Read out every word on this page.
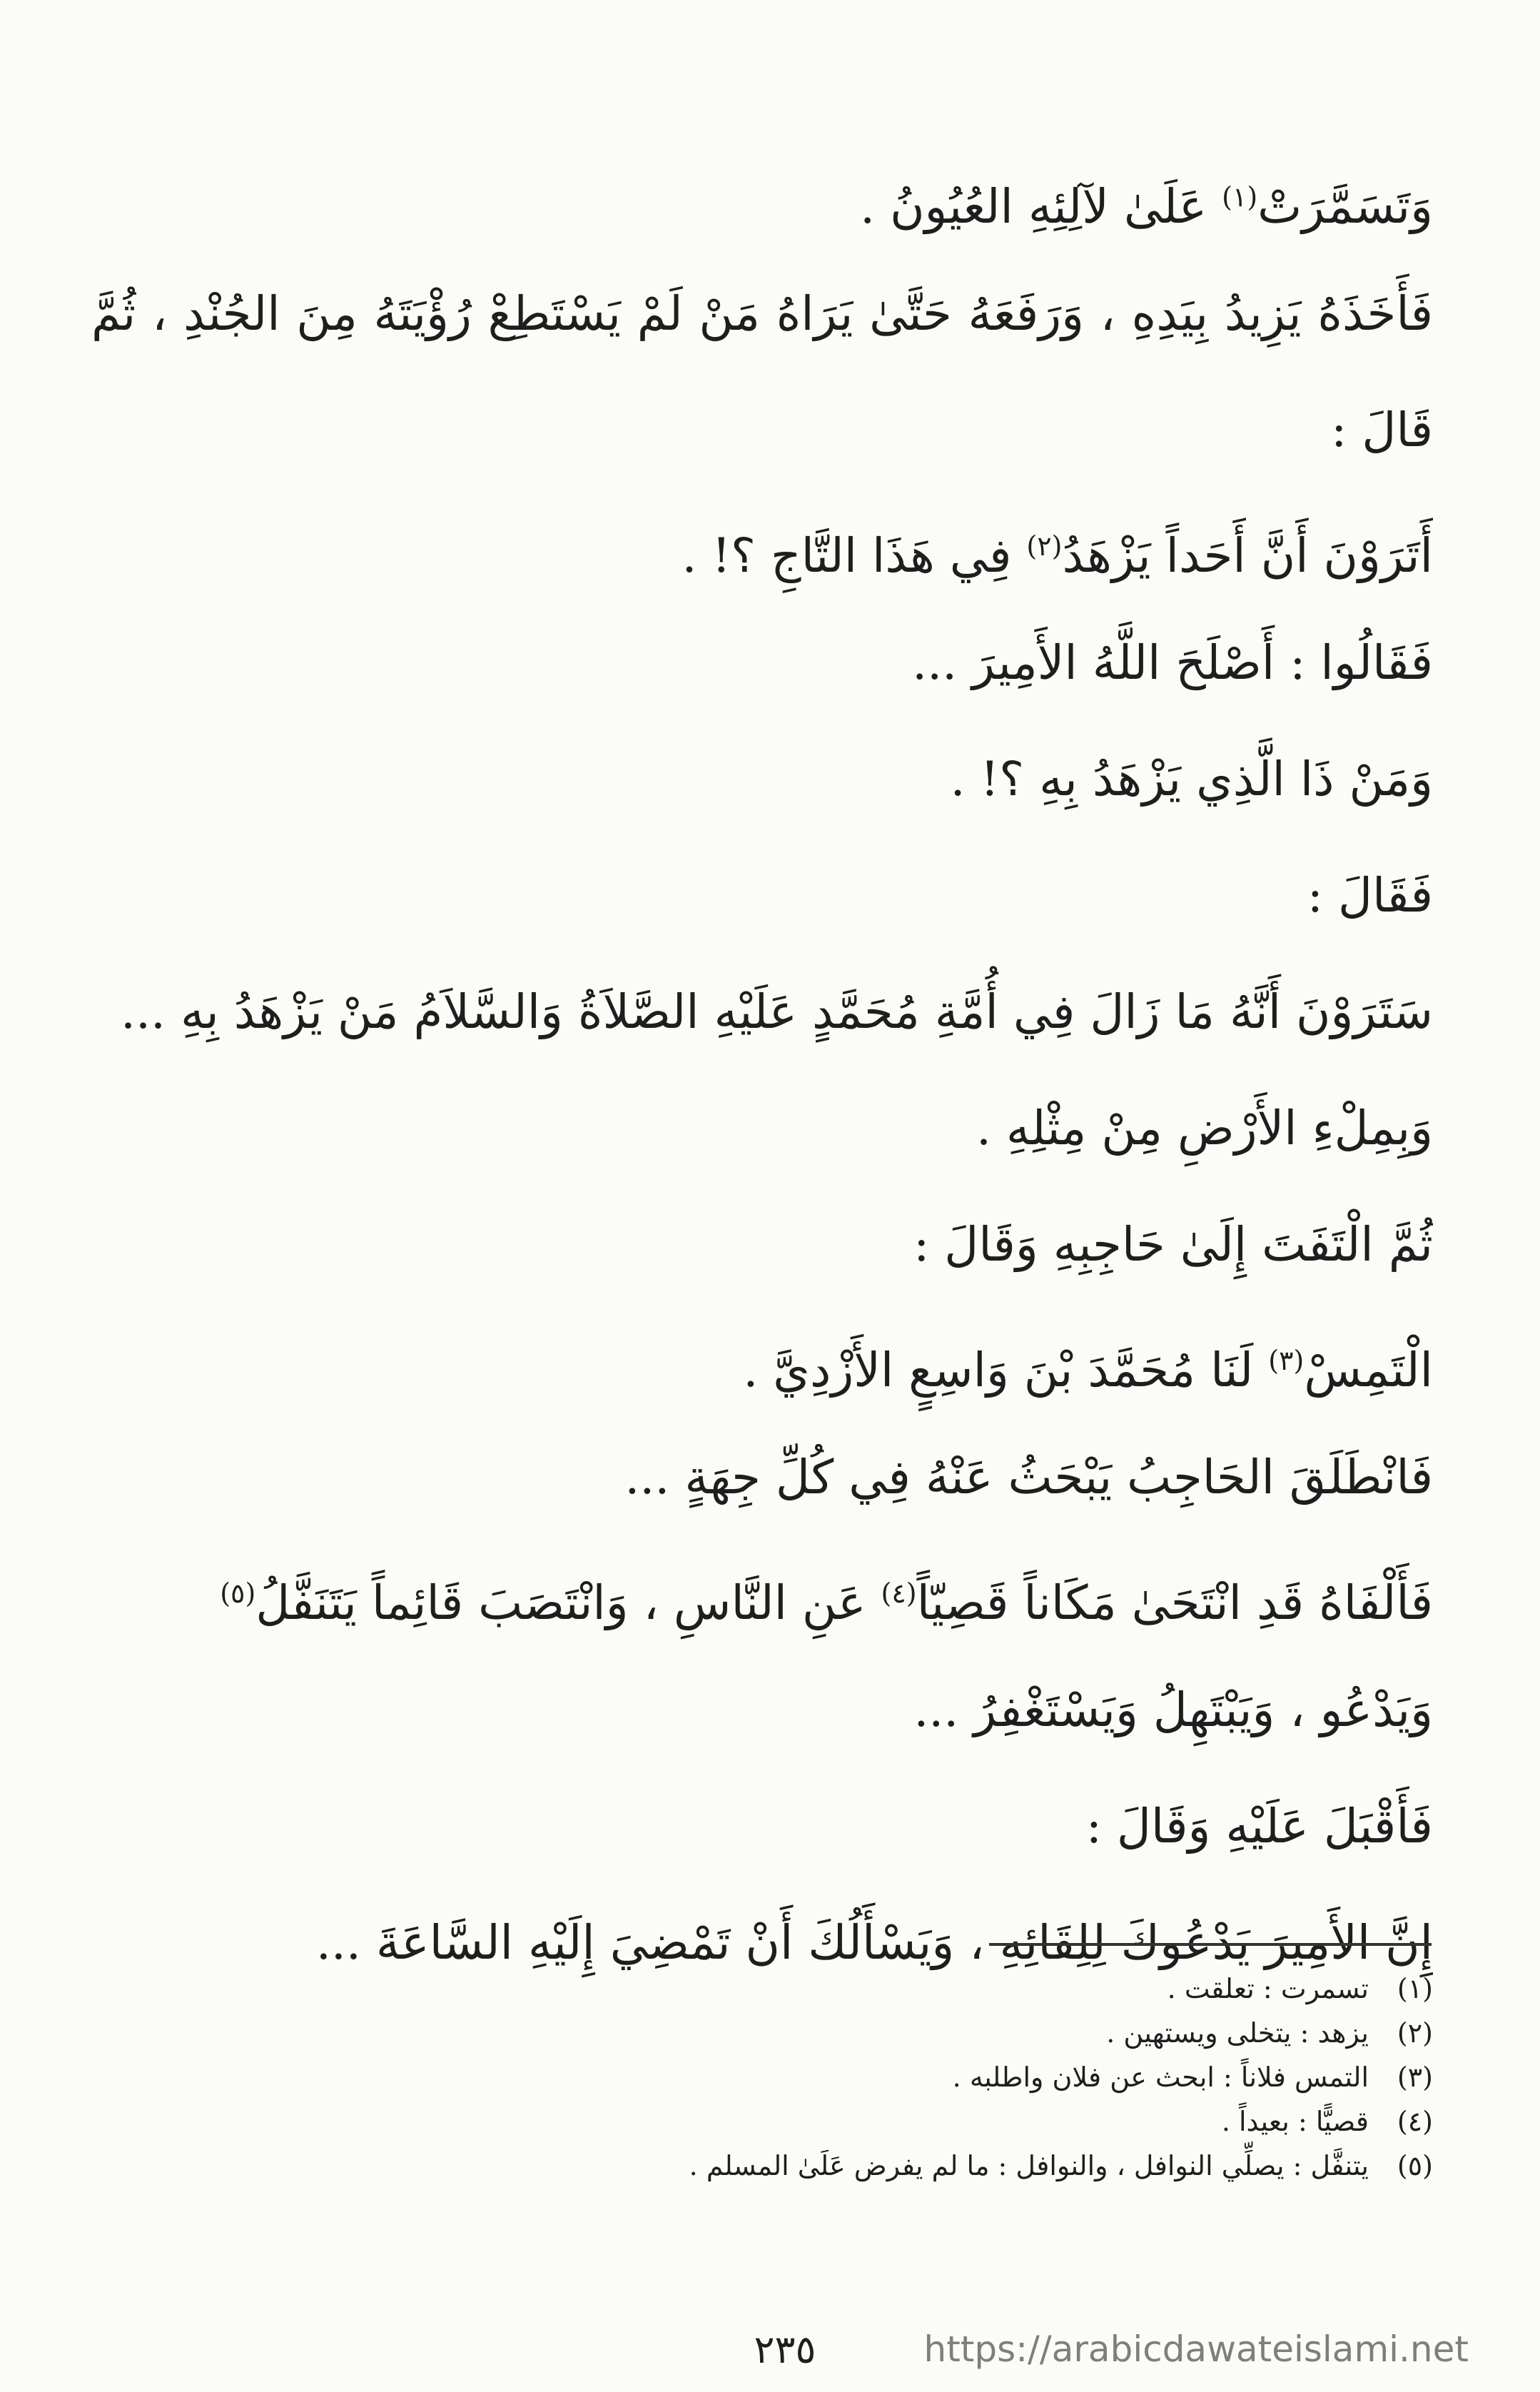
وَتَسَمَّرَتْ$^{(١)}$ عَلَىٰ لآلِئِهِ العُيُونُ .
فَأَخَذَهُ يَزِيدُ بِيَدِهِ ، وَرَفَعَهُ حَتَّىٰ يَرَاهُ مَنْ لَمْ يَسْتَطِعْ رُؤْيَتَهُ مِنَ الجُنْدِ ، ثُمَّ
قَالَ :
أَتَرَوْنَ أَنَّ أَحَداً يَزْهَدُ$^{(٢)}$ فِي هَذَا التَّاجِ ؟! .
فَقَالُوا : أَصْلَحَ اللَّهُ الأَمِيرَ ...
وَمَنْ ذَا الَّذِي يَزْهَدُ بِهِ ؟! .
فَقَالَ :
سَتَرَوْنَ أَنَّهُ مَا زَالَ فِي أُمَّةِ مُحَمَّدٍ عَلَيْهِ الصَّلاَةُ وَالسَّلاَمُ مَنْ يَزْهَدُ بِهِ ...
وَبِمِلْءِ الأَرْضِ مِنْ مِثْلِهِ .
ثُمَّ الْتَفَتَ إِلَىٰ حَاجِبِهِ وَقَالَ :
الْتَمِسْ$^{(٣)}$ لَنَا مُحَمَّدَ بْنَ وَاسِعٍ الأَزْدِيَّ .
فَانْطَلَقَ الحَاجِبُ يَبْحَثُ عَنْهُ فِي كُلِّ جِهَةٍ ...
فَأَلْفَاهُ قَدِ انْتَحَىٰ مَكَاناً قَصِيّاً$^{(٤)}$ عَنِ النَّاسِ ، وَانْتَصَبَ قَائِماً يَتَنَفَّلُ$^{(٥)}$
وَيَدْعُو ، وَيَبْتَهِلُ وَيَسْتَغْفِرُ ...
فَأَقْبَلَ عَلَيْهِ وَقَالَ :
إِنَّ الأَمِيرَ يَدْعُوكَ لِلِقَائِهِ ، وَيَسْأَلُكَ أَنْ تَمْضِيَ إِلَيْهِ السَّاعَةَ ...
(١)تسمرت : تعلقت .
(٢)يزهد : يتخلى ويستهين .
(٣)التمس فلاناً : ابحث عن فلان واطلبه .
(٤)قصيًّا : بعيداً .
(٥)يتنفَّل : يصلِّي النوافل ، والنوافل : ما لم يفرض عَلَىٰ المسلم .
٢٣٥	https://arabicdawateislami.net
